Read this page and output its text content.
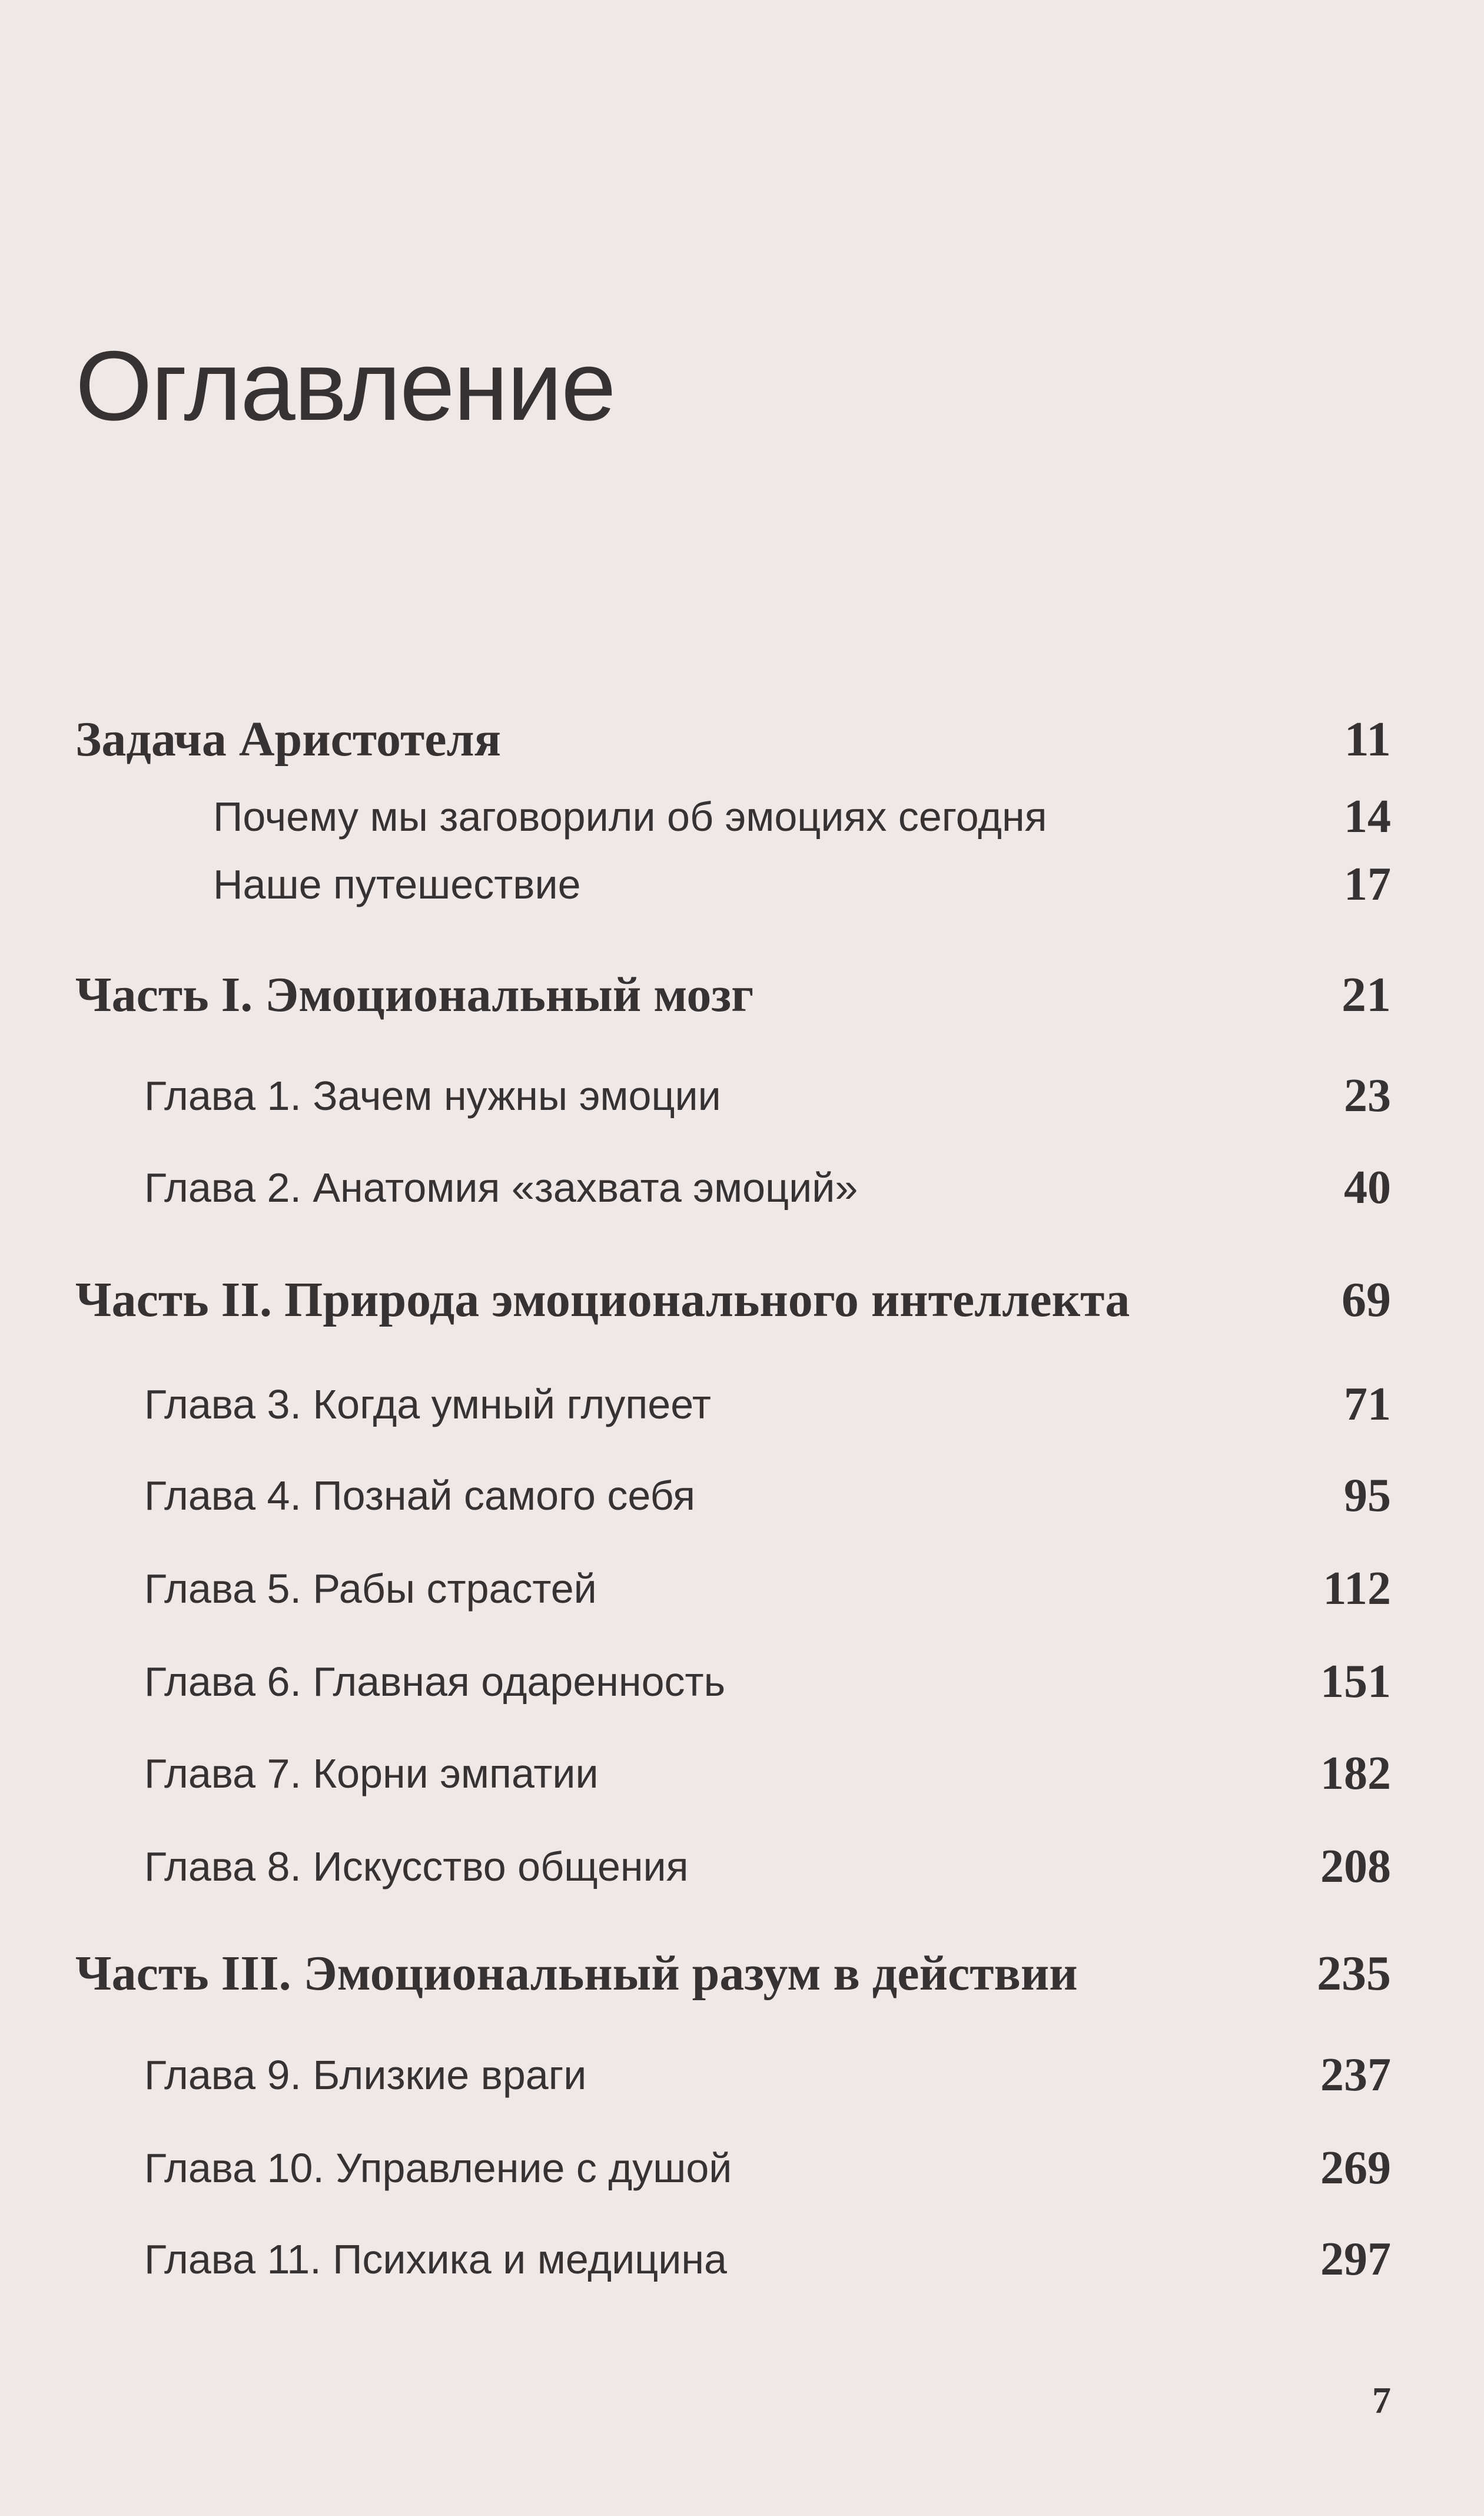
Оглавление
Задача Аристотеля	11
Почему мы заговорили об эмоциях сегодня	14
Наше путешествие	17
Часть I. Эмоциональный мозг	21
Глава 1. Зачем нужны эмоции	23
Глава 2. Анатомия «захвата эмоций»	40
Часть II. Природа эмоционального интеллекта	69
Глава 3. Когда умный глупеет	71
Глава 4. Познай самого себя	95
Глава 5. Рабы страстей	112
Глава 6. Главная одаренность	151
Глава 7. Корни эмпатии	182
Глава 8. Искусство общения	208
Часть III. Эмоциональный разум в действии	235
Глава 9. Близкие враги	237
Глава 10. Управление с душой	269
Глава 11. Психика и медицина	297
7
